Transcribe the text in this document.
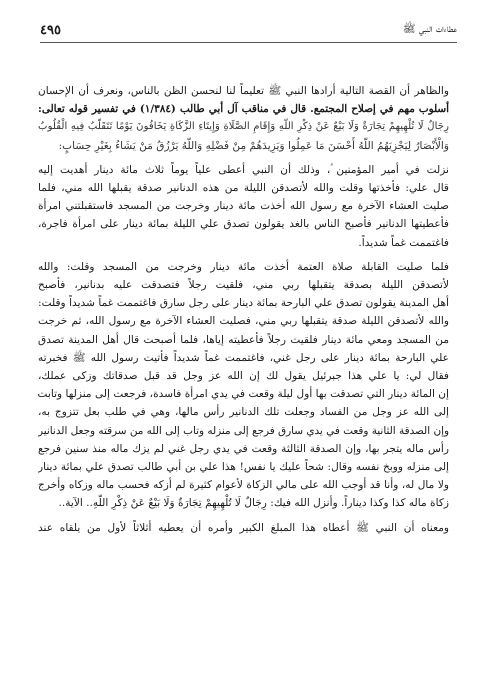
٤٩٥	عطاءات النبي ﷺ

والظاهر أن القصة التالية أرادها النبي ﷺ تعليماً لنا لنحسن الظن بالناس، ونعرف أن الإحسان
أسلوب مهم في إصلاح المجتمع. قال في مناقب آل أبي طالب (١/٣٨٤) في تفسير قوله تعالى:
رِجَالٌ لَا تُلْهِيهِمْ تِجَارَةٌ وَلَا بَيْعٌ عَنْ ذِكْرِ اللَّهِ وَإِقَامِ الصَّلَاةِ وَإِيتَاءِ الزَّكَاةِ يَخَافُونَ يَوْمًا تَتَقَلَّبُ فِيهِ الْقُلُوبُ
وَالْأَبْصَارُ لِيَجْزِيَهُمُ اللَّهُ أَحْسَنَ مَا عَمِلُوا وَيَزِيدَهُمْ مِنْ فَضْلِهِ وَاللَّهُ يَرْزُقُ مَنْ يَشَاءُ بِغَيْرِ حِسَابٍ:

نزلت في أمير المؤمنين ؑ، وذلك أن النبي أعطى علياً يوماً ثلاث مائة دينار أهديت إليه
قال علي: فأخذتها وقلت والله لأتصدقن الليلة من هذه الدنانير صدقة يقبلها الله مني، فلما
صليت العشاء الآخرة مع رسول الله أخذت مائة دينار وخرجت من المسجد فاستقبلتني امرأة
فأعطيتها الدنانير فأصبح الناس بالغد يقولون تصدق علي الليلة بمائة دينار على امرأة فاجرة،
فاغتممت غماً شديداً.

فلما صليت القابلة صلاة العتمة أخذت مائة دينار وخرجت من المسجد وقلت: والله
لأتصدقن الليلة بصدقة يتقبلها ربي مني، فلقيت رجلاً فتصدقت عليه بدنانير، فأصبح
أهل المدينة يقولون تصدق علي البارحة بمائة دينار على رجل سارق فاغتممت غماً شديداً وقلت:
والله لأتصدقن الليلة صدقة يتقبلها ربي مني، فصليت العشاء الآخرة مع رسول الله، ثم خرجت
من المسجد ومعي مائة دينار فلقيت رجلاً فأعطيته إياها، فلما أصبحت قال أهل المدينة تصدق
علي البارحة بمائة دينار على رجل غني، فاغتممت غماً شديداً فأتيت رسول الله ﷺ فخبرته
فقال لي: يا علي هذا جبرئيل يقول لك إن الله عز وجل قد قبل صدقاتك وزكى عملك،
إن المائة دينار التي تصدقت بها أول ليلة وقعت في يدي امرأة فاسدة، فرجعت إلى منزلها وتابت
إلى الله عز وجل من الفساد وجعلت تلك الدنانير رأس مالها، وهي في طلب بعل تتزوج به،
وإن الصدقة الثانية وقعت في يدي سارق فرجع إلى منزله وتاب إلى الله من سرقته وجعل الدنانير
رأس ماله يتجر بها، وإن الصدقة الثالثة وقعت في يدي رجل غني لم يزك ماله منذ سنين فرجع
إلى منزله ووبخ نفسه وقال: شحاً عليك يا نفس! هذا علي بن أبي طالب تصدق علي بمائة دينار
ولا مال له، وأنا قد أوجب الله على مالي الزكاة لأعوام كثيرة لم أزكه فحسب ماله وزكاه وأخرج
زكاة ماله كذا وكذا ديناراً. وأنزل الله فيك: رِجَالٌ لَا تُلْهِيهِمْ تِجَارَةٌ وَلَا بَيْعٌ عَنْ ذِكْرِ اللَّهِ.. الآية..

ومعناه أن النبي ﷺ أعطاه هذا المبلغ الكبير وأمره أن يعطيه أثلاثاً لأول من يلقاه عند
